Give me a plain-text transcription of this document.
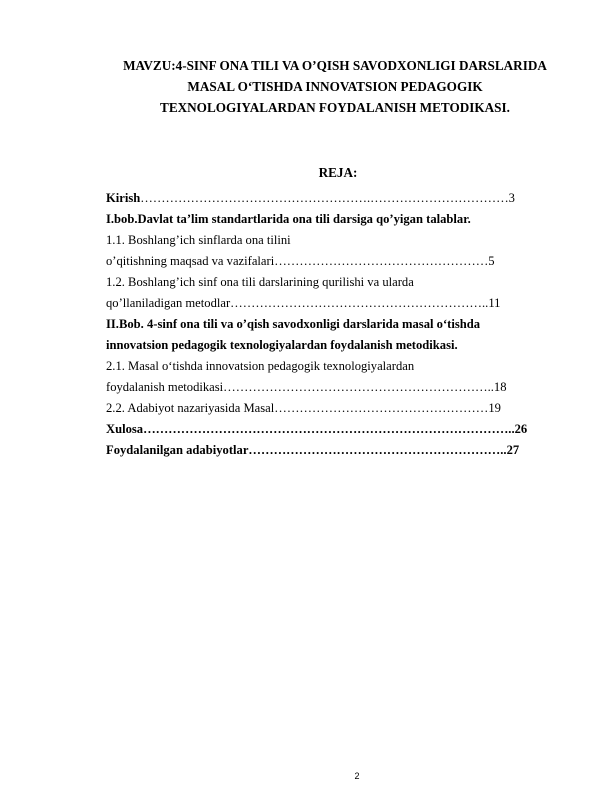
MAVZU:4-SINF ONA TILI VA O’QISH SAVODXONLIGI DARSLARIDA
MASAL O‘TISHDA INNOVATSION PEDAGOGIK
TEXNOLOGIYALARDAN FOYDALANISH METODIKASI.
REJA:
Kirish……………………………………………….……………………………3
I.bob.Davlat ta’lim standartlarida ona tili darsiga qo’yigan talablar.
1.1. Boshlang’ich sinflarda ona tilini
o’qitishning maqsad va vazifalari……………………………………………5
1.2. Boshlang’ich sinf ona tili darslarining qurilishi va ularda
qo’llaniladigan metodlar……………………………………………………..11
II.Bob. 4-sinf ona tili va o’qish savodxonligi darslarida masal o‘tishda
innovatsion pedagogik texnologiyalardan foydalanish metodikasi.
2.1. Masal o‘tishda innovatsion pedagogik texnologiyalardan
foydalanish metodikasi………………………………………………………..18
2.2. Adabiyot nazariyasida Masal……………………………………………19
Xulosa……………………………………………………………………………..26
Foydalanilgan adabiyotlar……………………………………………………..27
2
